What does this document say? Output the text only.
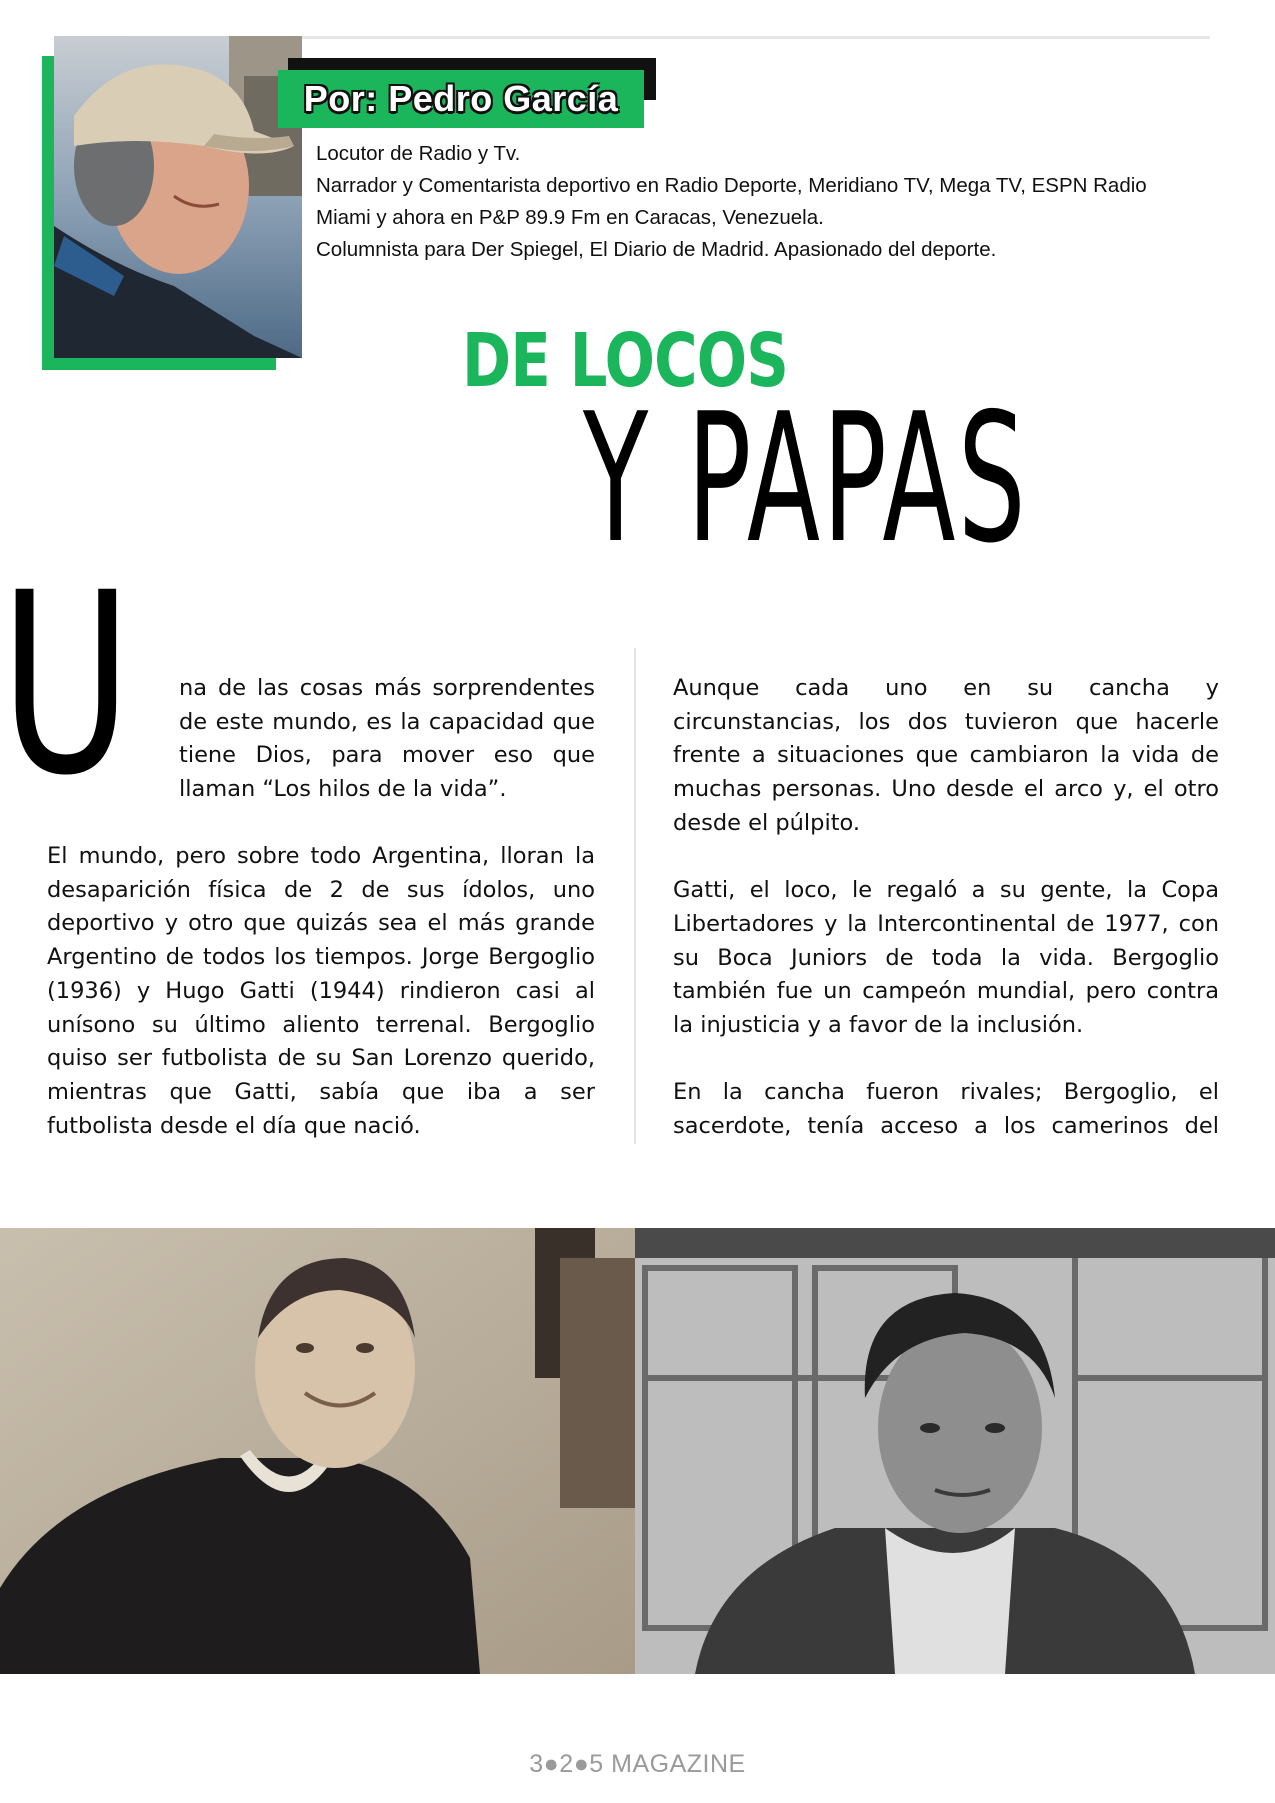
Por: Pedro García
Locutor de Radio y Tv.
Narrador y Comentarista deportivo en Radio Deporte, Meridiano TV, Mega TV, ESPN Radio
Miami y ahora en P&P 89.9 Fm en Caracas, Venezuela.
Columnista para Der Spiegel, El Diario de Madrid. Apasionado del deporte.
DE LOCOS
Y PAPAS
U na de las cosas más sorprendentes de este mundo, es la capacidad que tiene Dios, para mover eso que llaman “Los hilos de la vida”.

El mundo, pero sobre todo Argentina, lloran la desaparición física de 2 de sus ídolos, uno deportivo y otro que quizás sea el más grande Argentino de todos los tiempos. Jorge Bergoglio (1936) y Hugo Gatti (1944) rindieron casi al unísono su último aliento terrenal. Bergoglio quiso ser futbolista de su San Lorenzo querido, mientras que Gatti, sabía que iba a ser futbolista desde el día que nació.

Aunque cada uno en su cancha y circunstancias, los dos tuvieron que hacerle frente a situaciones que cambiaron la vida de muchas personas. Uno desde el arco y, el otro desde el púlpito.

Gatti, el loco, le regaló a su gente, la Copa Libertadores y la Intercontinental de 1977, con su Boca Juniors de toda la vida. Bergoglio también fue un campeón mundial, pero contra la injusticia y a favor de la inclusión.

En la cancha fueron rivales; Bergoglio, el sacerdote, tenía acceso a los camerinos del

3●2●5 MAGAZINE
